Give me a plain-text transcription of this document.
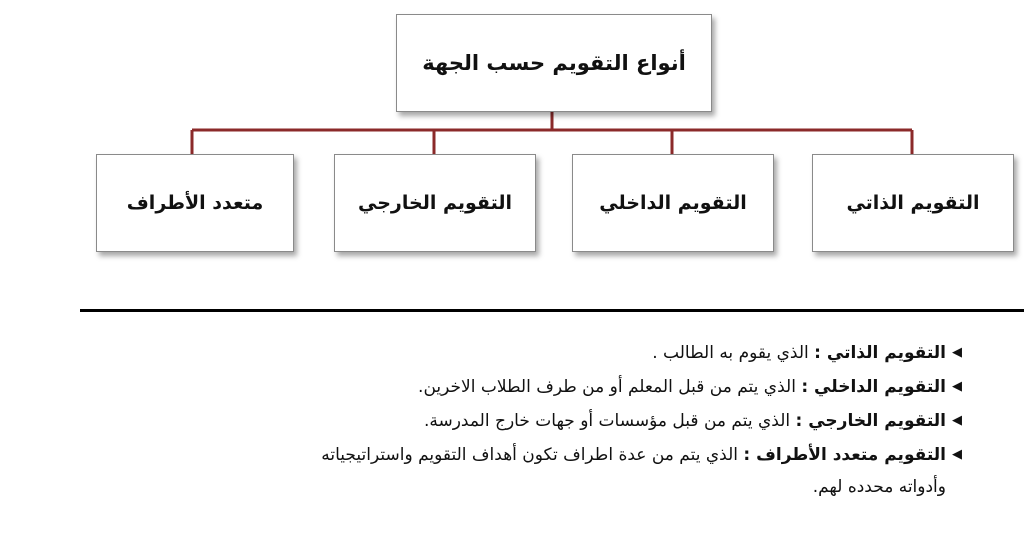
أنواع التقويم حسب الجهة
التقويم الذاتي
التقويم الداخلي
التقويم الخارجي
متعدد الأطراف
◀
التقويم الذاتي : الذي يقوم به الطالب .
◀
التقويم الداخلي : الذي يتم من قبل المعلم أو من طرف الطلاب الاخرين.
◀
التقويم الخارجي : الذي يتم من قبل مؤسسات أو جهات خارج المدرسة.
◀
التقويم متعدد الأطراف : الذي يتم من عدة اطراف تكون أهداف التقويم واستراتيجياته
وأدواته محدده لهم.
